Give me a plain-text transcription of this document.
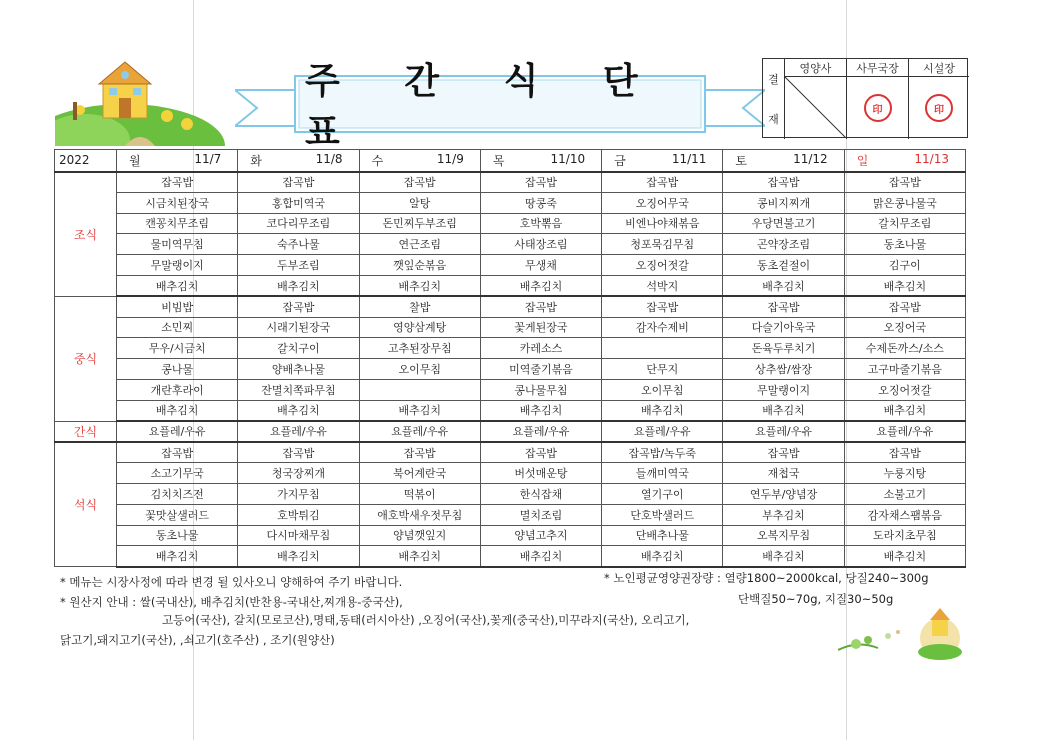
주 간 식 단 표
결
재
영양사	사무국장	시설장
印	印
2022	월 11/7	화 11/8	수 11/9	목 11/10	금 11/11	토 11/12	일 11/13

조식	잡곡밥	잡곡밥	잡곡밥	잡곡밥	잡곡밥	잡곡밥	잡곡밥
	시금치된장국	홍합미역국	알탕	땅콩죽	오징어무국	콩비지찌개	맑은콩나물국
	캔꽁치무조림	코다리무조림	돈민찌두부조림	호박뽂음	비엔나야채볶음	우당면불고기	갈치무조림
	물미역무침	숙주나물	연근조림	사태장조림	청포묵김무침	곤약장조림	동초나물
	무말랭이지	두부조림	깻잎순볶음	무생채	오징어젓갈	동초겉절이	김구이
	배추김치	배추김치	배추김치	배추김치	석박지	배추김치	배추김치
중식	비빔밥	잡곡밥	찰밥	잡곡밥	잡곡밥	잡곡밥	잡곡밥
	소민찌	시래기된장국	영양삼계탕	꽃게된장국	감자수제비	다슬기아욱국	오징어국
	무우/시금치	갈치구이	고추된장무침	카레소스		돈육두루치기	수제돈까스/소스
	콩나물	양배추나물	오이무침	미역줄기볶음	단무지	상추쌈/쌈장	고구마줄기볶음
	개란후라이	잔멸치쪽파무침		콩나물무침	오이무침	무말랭이지	오징어젓갈
	배추김치	배추김치	배추김치	배추김치	배추김치	배추김치	배추김치
간식	요플레/우유	요플레/우유	요플레/우유	요플레/우유	요플레/우유	요플레/우유	요플레/우유
석식	잡곡밥	잡곡밥	잡곡밥	잡곡밥	잡곡밥/녹두죽	잡곡밥	잡곡밥
	소고기무국	청국장찌개	북어계란국	버섯매운탕	들깨미역국	재첩국	누룽지탕
	김치치즈전	가지무침	떡볶이	한식잡채	열기구이	연두부/양념장	소불고기
	꽃맛살샐러드	호박튀김	애호박새우젓무침	멸치조림	단호박샐러드	부추김치	감자채스팸볶음
	동초나물	다시마채무침	양념깻잎지	양념고추지	단배추나물	오복지무침	도라지초무침
	배추김치	배추김치	배추김치	배추김치	배추김치	배추김치	배추김치
* 메뉴는 시장사정에 따라 변경 될 있사오니 양해하여 주기 바랍니다.
* 원산지 안내 : 쌀(국내산), 배추김치(반찬용-국내산,찌개용-중국산),
고등어(국산), 갈치(모로코산),명태,동태(러시아산) ,오징어(국산),꽃게(중국산),미꾸라지(국산), 오리고기,
닭고기,돼지고기(국산), ,쇠고기(호주산) , 조기(원양산)
* 노인평균영양권장량 : 열량1800~2000kcal, 당질240~300g
단백질50~70g, 지질30~50g
